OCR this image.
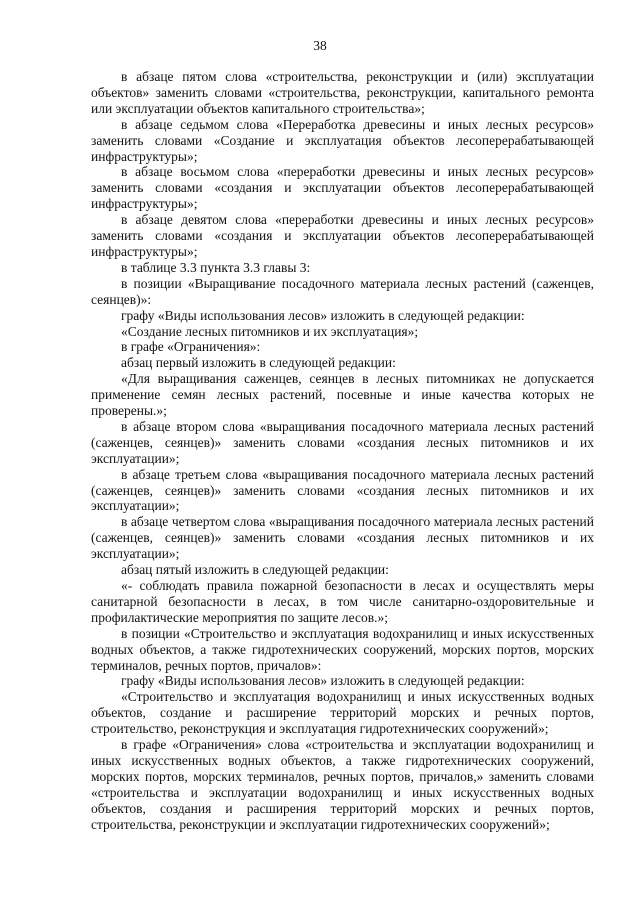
38

в абзаце пятом слова «строительства, реконструкции и (или) эксплуатации объектов» заменить словами «строительства, реконструкции, капитального ремонта или эксплуатации объектов капитального строительства»;

в абзаце седьмом слова «Переработка древесины и иных лесных ресурсов» заменить словами «Создание и эксплуатация объектов лесоперерабатывающей инфраструктуры»;

в абзаце восьмом слова «переработки древесины и иных лесных ресурсов» заменить словами «создания и эксплуатации объектов лесоперерабатывающей инфраструктуры»;

в абзаце девятом слова «переработки древесины и иных лесных ресурсов» заменить словами «создания и эксплуатации объектов лесоперерабатывающей инфраструктуры»;

в таблице 3.3 пункта 3.3 главы 3:

в позиции «Выращивание посадочного материала лесных растений (саженцев, сеянцев)»:

графу «Виды использования лесов» изложить в следующей редакции:

«Создание лесных питомников и их эксплуатация»;

в графе «Ограничения»:

абзац первый изложить в следующей редакции:

«Для выращивания саженцев, сеянцев в лесных питомниках не допускается применение семян лесных растений, посевные и иные качества которых не проверены.»;

в абзаце втором слова «выращивания посадочного материала лесных растений (саженцев, сеянцев)» заменить словами «создания лесных питомников и их эксплуатации»;

в абзаце третьем слова «выращивания посадочного материала лесных растений (саженцев, сеянцев)» заменить словами «создания лесных питомников и их эксплуатации»;

в абзаце четвертом слова «выращивания посадочного материала лесных растений (саженцев, сеянцев)» заменить словами «создания лесных питомников и их эксплуатации»;

абзац пятый изложить в следующей редакции:

«- соблюдать правила пожарной безопасности в лесах и осуществлять меры санитарной безопасности в лесах, в том числе санитарно-оздоровительные и профилактические мероприятия по защите лесов.»;

в позиции «Строительство и эксплуатация водохранилищ и иных искусственных водных объектов, а также гидротехнических сооружений, морских портов, морских терминалов, речных портов, причалов»:

графу «Виды использования лесов» изложить в следующей редакции:

«Строительство и эксплуатация водохранилищ и иных искусственных водных объектов, создание и расширение территорий морских и речных портов, строительство, реконструкция и эксплуатация гидротехнических сооружений»;

в графе «Ограничения» слова «строительства и эксплуатации водохранилищ и иных искусственных водных объектов, а также гидротехнических сооружений, морских портов, морских терминалов, речных портов, причалов,» заменить словами «строительства и эксплуатации водохранилищ и иных искусственных водных объектов, создания и расширения территорий морских и речных портов, строительства, реконструкции и эксплуатации гидротехнических сооружений»;
